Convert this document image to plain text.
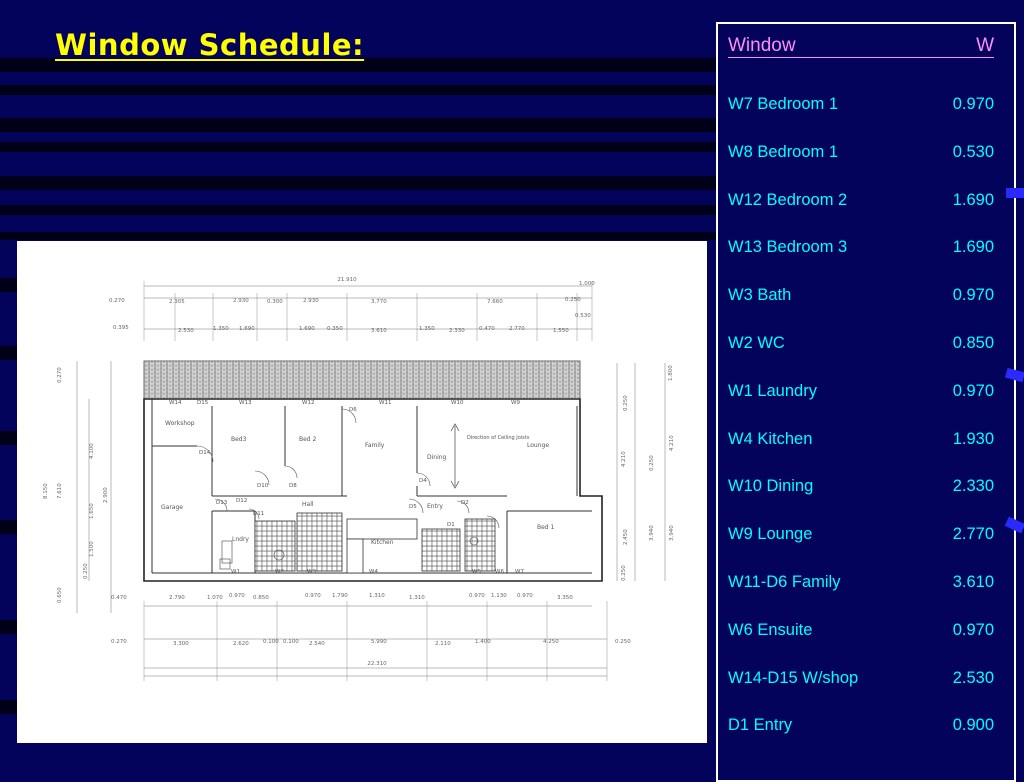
Window Schedule:
21.910
22.310
0.270	2.305	2.930	0.300	2.930	3.770	7.660	0.250
1.000
0.395	2.530	1.350 1.690	1.690 0.350	3.610	1.350	2.330	0.470	2.770	1.550
0.530
0.470	2.790	1.070 0.970 0.850	0.970 1.790	1.310	1.310	0.970 1.130 0.970	3.350
0.270	3.300	2.620	0.100 0.100 2.540	5.990	2.110	1.400	4.250	0.250
0.270
4.100
2.900
1.650
1.500
0.250
8.150 7.610
0.650
1.800
0.250
4.210
4.210
0.250
2.450	3.940	3.940
0.250
Workshop
Bed3	Bed 2
Family
Dining
Direction of Ceiling Joists
Lounge
Garage	Hall	Entry
Bed 1
Kitchen
Lndry
W14	D15	W13	W12
D6
W11	W10	W9
D14
D10	D8
D4
D13 D12
D11
D5
D2
D1
W1	W2	W3	W4	W5	W6 W7
Window	W

W7 Bedroom 1	0.970

W8 Bedroom 1	0.530

W12 Bedroom 2	1.690

W13 Bedroom 3	1.690

W3 Bath	0.970

W2 WC	0.850

W1 Laundry	0.970

W4 Kitchen	1.930

W10 Dining	2.330

W9 Lounge	2.770

W11-D6 Family	3.610

W6 Ensuite	0.970

W14-D15 W/shop	2.530

D1 Entry	0.900
